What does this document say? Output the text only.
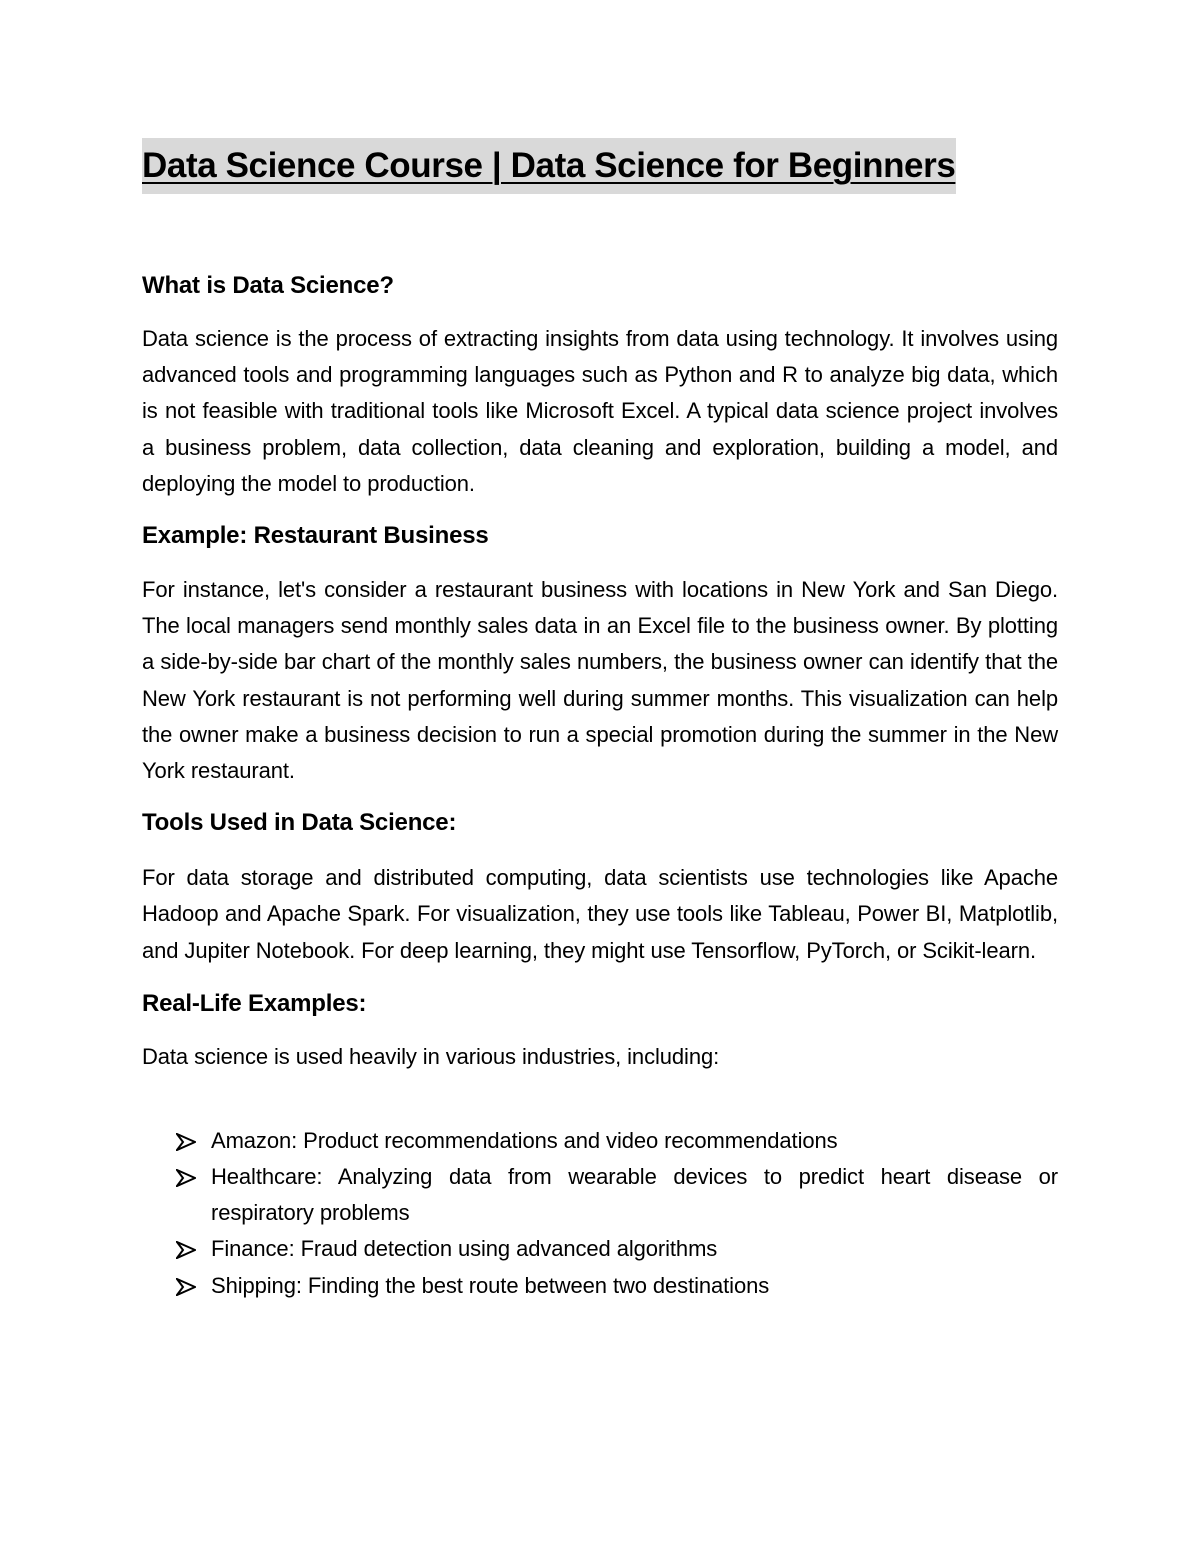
Data Science Course | Data Science for Beginners
What is Data Science?

Data science is the process of extracting insights from data using technology. It involves using advanced tools and programming languages such as Python and R to analyze big data, which is not feasible with traditional tools like Microsoft Excel. A typical data science project involves a business problem, data collection, data cleaning and exploration, building a model, and deploying the model to production.

Example: Restaurant Business

For instance, let's consider a restaurant business with locations in New York and San Diego. The local managers send monthly sales data in an Excel file to the business owner. By plotting a side-by-side bar chart of the monthly sales numbers, the business owner can identify that the New York restaurant is not performing well during summer months. This visualization can help the owner make a business decision to run a special promotion during the summer in the New York restaurant.

Tools Used in Data Science:

For data storage and distributed computing, data scientists use technologies like Apache Hadoop and Apache Spark. For visualization, they use tools like Tableau, Power BI, Matplotlib, and Jupiter Notebook. For deep learning, they might use Tensorflow, PyTorch, or Scikit-learn.

Real-Life Examples:

Data science is used heavily in various industries, including:

Amazon: Product recommendations and video recommendations
Healthcare: Analyzing data from wearable devices to predict heart disease or respiratory problems
Finance: Fraud detection using advanced algorithms
Shipping: Finding the best route between two destinations
